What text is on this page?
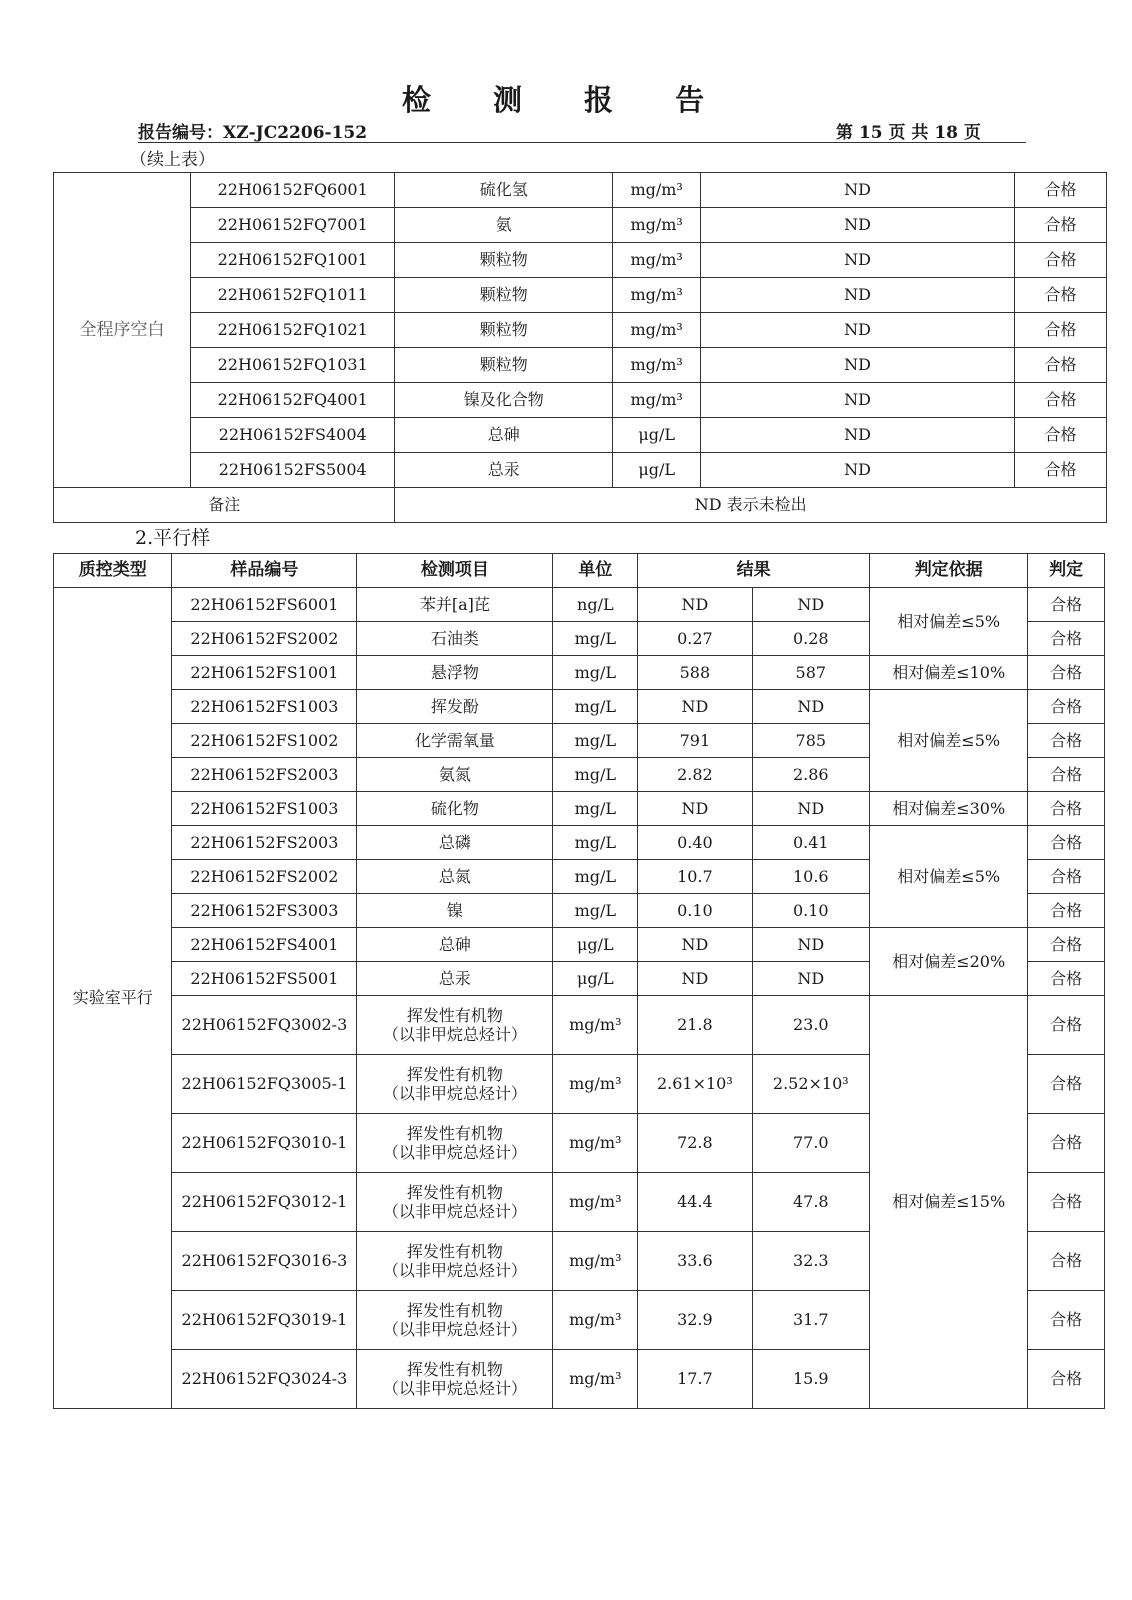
检 测 报 告
报告编号：XZ-JC2206-152	第 15 页 共 18 页
（续上表）
全程序空白	22H06152FQ6001	硫化氢	mg/m³	ND	合格
	22H06152FQ7001	氨	mg/m³	ND	合格
	22H06152FQ1001	颗粒物	mg/m³	ND	合格
	22H06152FQ1011	颗粒物	mg/m³	ND	合格
	22H06152FQ1021	颗粒物	mg/m³	ND	合格
	22H06152FQ1031	颗粒物	mg/m³	ND	合格
	22H06152FQ4001	镍及化合物	mg/m³	ND	合格
	22H06152FS4004	总砷	μg/L	ND	合格
	22H06152FS5004	总汞	μg/L	ND	合格
备注		ND 表示未检出			
2.平行样
质控类型	样品编号	检测项目	单位	结果		判定依据	判定
实验室平行	22H06152FS6001	苯并[a]芘	ng/L	ND	ND	相对偏差≤5%	合格
	22H06152FS2002	石油类	mg/L	0.27	0.28		合格
	22H06152FS1001	悬浮物	mg/L	588	587	相对偏差≤10%	合格
	22H06152FS1003	挥发酚	mg/L	ND	ND	相对偏差≤5%	合格
	22H06152FS1002	化学需氧量	mg/L	791	785		合格
	22H06152FS2003	氨氮	mg/L	2.82	2.86		合格
	22H06152FS1003	硫化物	mg/L	ND	ND	相对偏差≤30%	合格
	22H06152FS2003	总磷	mg/L	0.40	0.41	相对偏差≤5%	合格
	22H06152FS2002	总氮	mg/L	10.7	10.6		合格
	22H06152FS3003	镍	mg/L	0.10	0.10		合格
	22H06152FS4001	总砷	μg/L	ND	ND	相对偏差≤20%	合格
	22H06152FS5001	总汞	μg/L	ND	ND		合格
	22H06152FQ3002-3	挥发性有机物
（以非甲烷总烃计）	mg/m³	21.8	23.0	相对偏差≤15%	合格
	22H06152FQ3005-1	挥发性有机物
（以非甲烷总烃计）	mg/m³	2.61×10³	2.52×10³		合格
	22H06152FQ3010-1	挥发性有机物
（以非甲烷总烃计）	mg/m³	72.8	77.0		合格
	22H06152FQ3012-1	挥发性有机物
（以非甲烷总烃计）	mg/m³	44.4	47.8		合格
	22H06152FQ3016-3	挥发性有机物
（以非甲烷总烃计）	mg/m³	33.6	32.3		合格
	22H06152FQ3019-1	挥发性有机物
（以非甲烷总烃计）	mg/m³	32.9	31.7		合格
	22H06152FQ3024-3	挥发性有机物
（以非甲烷总烃计）	mg/m³	17.7	15.9		合格
